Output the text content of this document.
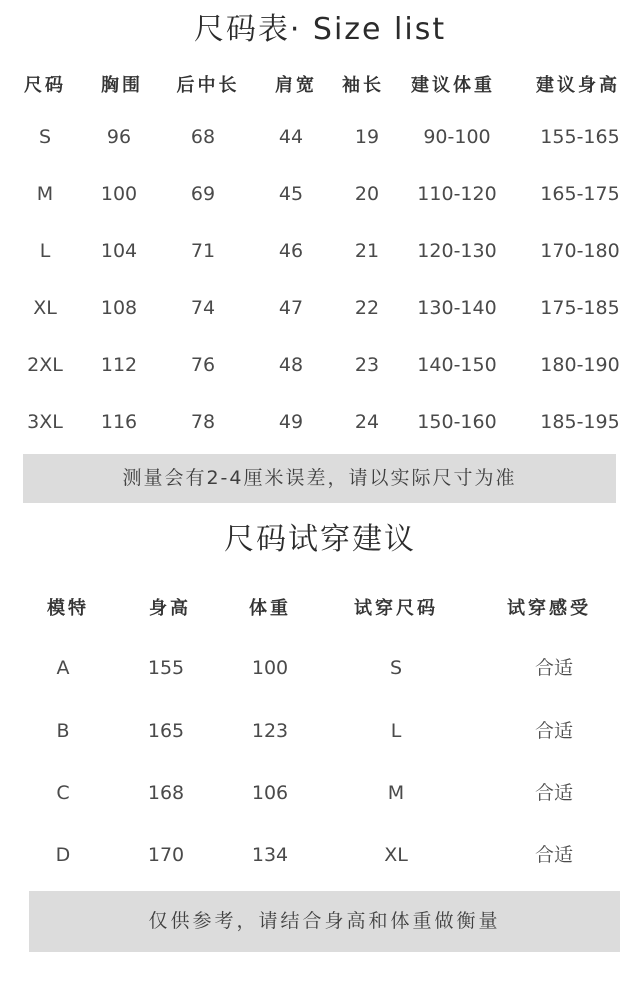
尺码表· Size list
尺码 胸围 后中长 肩宽 袖长 建议体重 建议身高
S	96	68	44	19 90-100	155-165
M	100	69	45	20 110-120 165-175
L	104	71	46	21 120-130 170-180
XL 108	74	47	22 130-140 175-185
2XL 112	76	48	23 140-150 180-190
3XL 116	78	49	24 150-160 185-195
测量会有2-4厘米误差，请以实际尺寸为准
尺码试穿建议
模特	身高	体重	试穿尺码	试穿感受
A	155	100	S	合适
B	165	123	L	合适
C	168	106	M	合适
D	170	134	XL	合适
仅供参考，请结合身高和体重做衡量
